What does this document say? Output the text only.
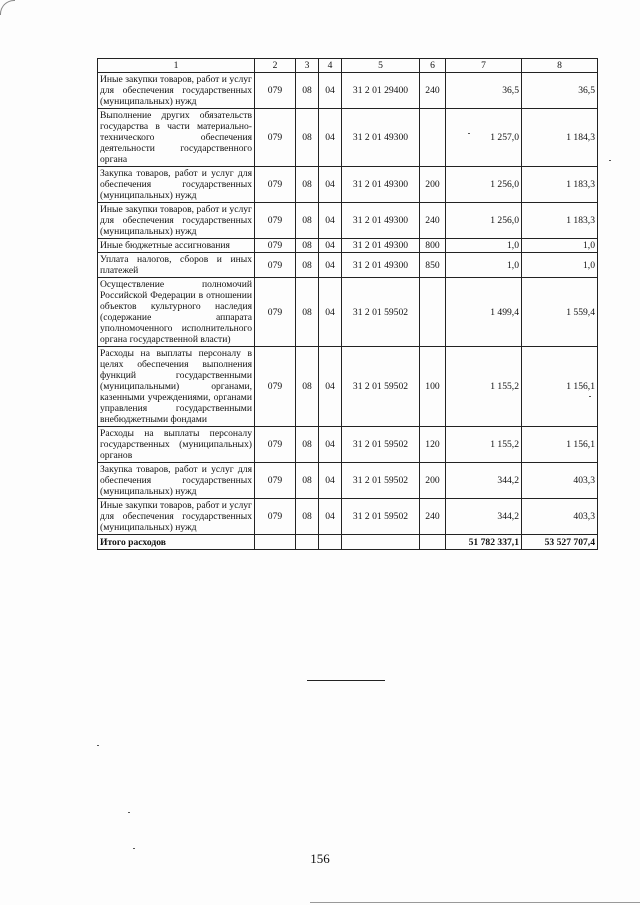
1	2	3	4	5	6	7	8
Иные закупки товаров, работ и услуг для обеспечения государственных (муниципальных) нужд	079	08	04	31 2 01 29400	240	36,5	36,5
Выполнение других обязательств государства в части материально-технического обеспечения деятельности государственного органа	079	08	04	31 2 01 49300		1 257,0	1 184,3
Закупка товаров, работ и услуг для обеспечения государственных (муниципальных) нужд	079	08	04	31 2 01 49300	200	1 256,0	1 183,3
Иные закупки товаров, работ и услуг для обеспечения государственных (муниципальных) нужд	079	08	04	31 2 01 49300	240	1 256,0	1 183,3
Иные бюджетные ассигнования	079	08	04	31 2 01 49300	800	1,0	1,0
Уплата налогов, сборов и иных платежей	079	08	04	31 2 01 49300	850	1,0	1,0
Осуществление полномочий Российской Федерации в отношении объектов культурного наследия (содержание аппарата уполномоченного исполнительного органа государственной власти)	079	08	04	31 2 01 59502		1 499,4	1 559,4
Расходы на выплаты персоналу в целях обеспечения выполнения функций государственными (муниципальными) органами, казенными учреждениями, органами управления государственными внебюджетными фондами	079	08	04	31 2 01 59502	100	1 155,2	1 156,1
Расходы на выплаты персоналу государственных (муниципальных) органов	079	08	04	31 2 01 59502	120	1 155,2	1 156,1
Закупка товаров, работ и услуг для обеспечения государственных (муниципальных) нужд	079	08	04	31 2 01 59502	200	344,2	403,3
Иные закупки товаров, работ и услуг для обеспечения государственных (муниципальных) нужд	079	08	04	31 2 01 59502	240	344,2	403,3
Итого расходов						51 782 337,1	53 527 707,4
156
